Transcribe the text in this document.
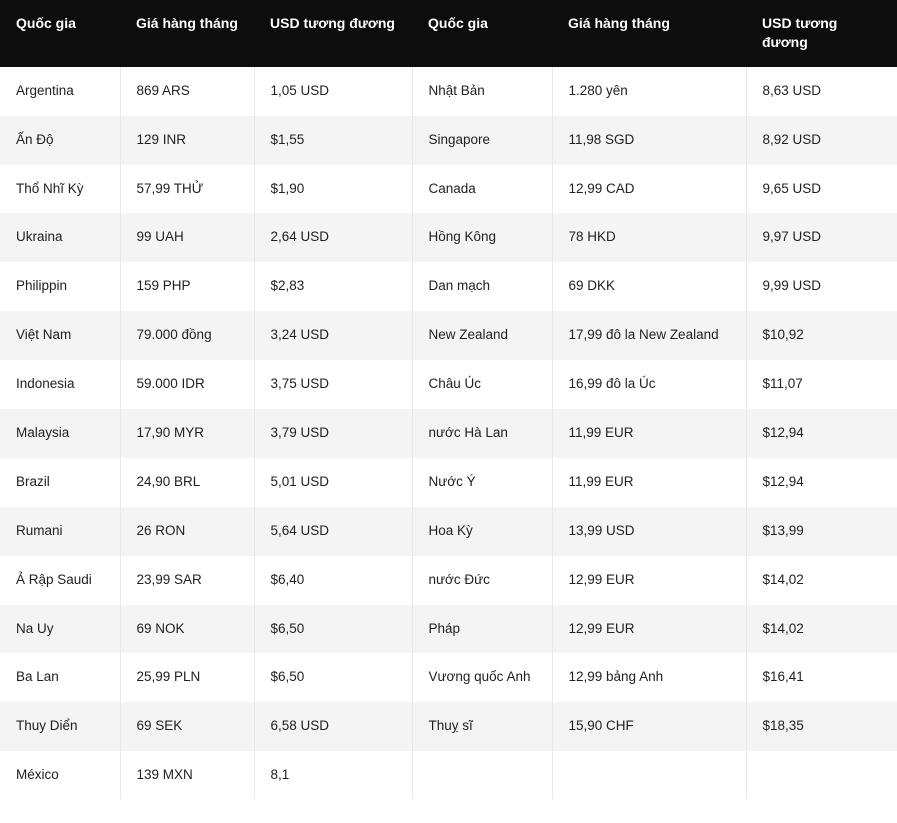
Quốc gia	Giá hàng tháng	USD tương đương	Quốc gia	Giá hàng tháng	USD tương đương
Argentina	869 ARS	1,05 USD	Nhật Bản	1.280 yên	8,63 USD
Ấn Độ	129 INR	$1,55	Singapore	11,98 SGD	8,92 USD
Thổ Nhĩ Kỳ	57,99 THỬ	$1,90	Canada	12,99 CAD	9,65 USD
Ukraina	99 UAH	2,64 USD	Hồng Kông	78 HKD	9,97 USD
Philippin	159 PHP	$2,83	Dan mạch	69 DKK	9,99 USD
Việt Nam	79.000 đồng	3,24 USD	New Zealand	17,99 đô la New Zealand	$10,92
Indonesia	59.000 IDR	3,75 USD	Châu Úc	16,99 đô la Úc	$11,07
Malaysia	17,90 MYR	3,79 USD	nước Hà Lan	11,99 EUR	$12,94
Brazil	24,90 BRL	5,01 USD	Nước Ý	11,99 EUR	$12,94
Rumani	26 RON	5,64 USD	Hoa Kỳ	13,99 USD	$13,99
Ả Rập Saudi	23,99 SAR	$6,40	nước Đức	12,99 EUR	$14,02
Na Uy	69 NOK	$6,50	Pháp	12,99 EUR	$14,02
Ba Lan	25,99 PLN	$6,50	Vương quốc Anh	12,99 bảng Anh	$16,41
Thuy Diển	69 SEK	6,58 USD	Thuỵ sĩ	15,90 CHF	$18,35
México	139 MXN	8,1			
